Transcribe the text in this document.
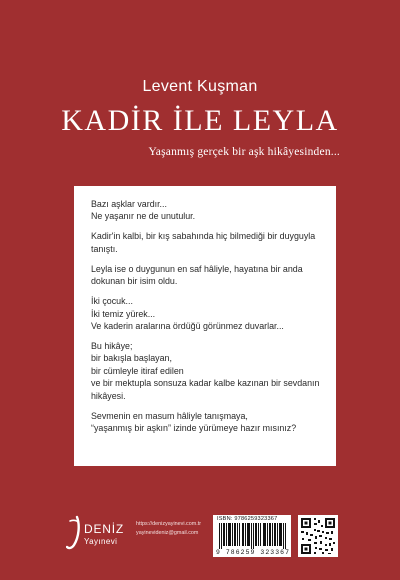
Levent Kuşman
KADİR İLE LEYLA
Yaşanmış gerçek bir aşk hikâyesinden...

Bazı aşklar vardır...
Ne yaşanır ne de unutulur.

Kadir'in kalbi, bir kış sabahında hiç bilmediği bir duyguyla tanıştı.

Leyla ise o duygunun en saf hâliyle, hayatına bir anda dokunan bir isim oldu.

İki çocuk...
İki temiz yürek...
Ve kaderin aralarına ördüğü görünmez duvarlar...

Bu hikâye;
bir bakışla başlayan,
bir cümleyle itiraf edilen
ve bir mektupla sonsuza kadar kalbe kazınan bir sevdanın hikâyesi.

Sevmenin en masum hâliyle tanışmaya,
“yaşanmış bir aşkın” izinde yürümeye hazır mısınız?

DENİZ
Yayınevi
https://denizyayinevi.com.tr
yayinevideniz@gmail.com
ISBN: 9786259323367
9 786259 323367
